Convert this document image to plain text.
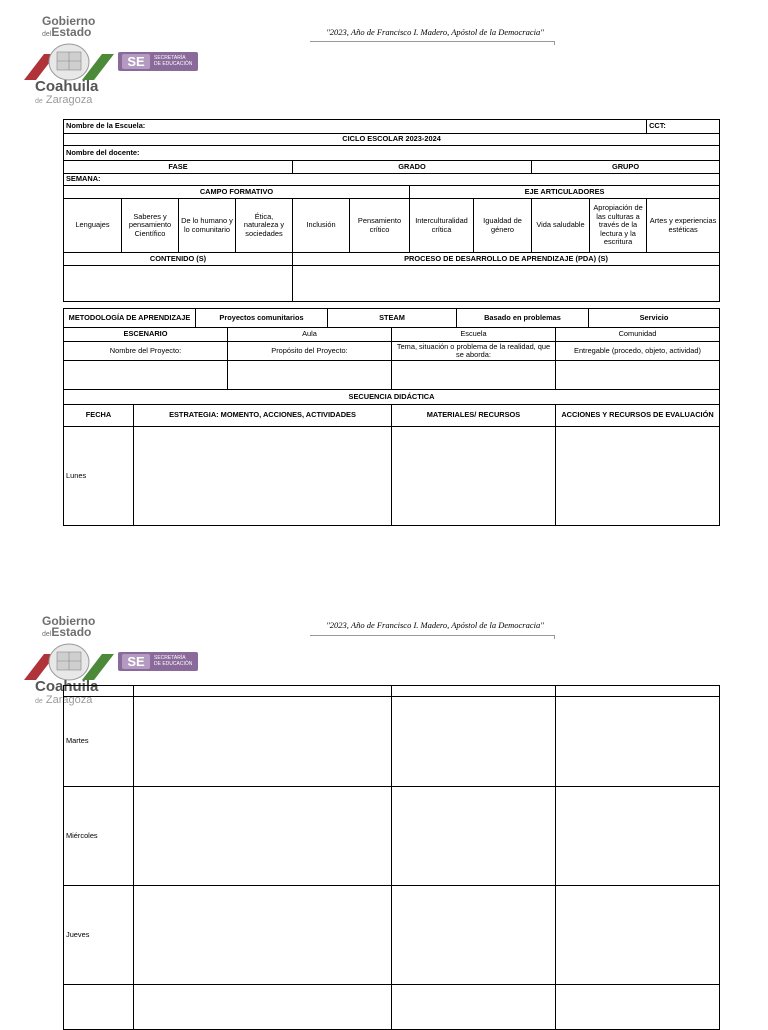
Gobierno
delEstado
SE	SECRETARÍA
DE EDUCACIÓN
Coahuila
de Zaragoza
"2023, Año de Francisco I. Madero, Apóstol de la Democracia"
Nombre de la Escuela:										CCT:
CICLO ESCOLAR 2023-2024										
Nombre del docente:										
FASE				GRADO				GRUPO		
SEMANA:										
CAMPO FORMATIVO						EJE ARTICULADORES				
Lenguajes	Saberes y pensamiento Científico	De lo humano y lo comunitario	Ética, naturaleza y sociedades	Inclusión	Pensamiento crítico	Interculturalidad crítica	Igualdad de género	Vida saludable	Apropiación de las culturas a través de la lectura y la escritura	Artes y experiencias estéticas
CONTENIDO (S)				PROCESO DE DESARROLLO DE APRENDIZAJE (PDA) (S)						

METODOLOGÍA DE APRENDIZAJE	Proyectos comunitarios	STEAM	Basado en problemas	Servicio
ESCENARIO	Aula	Escuela	Comunidad
Nombre del Proyecto:	Propósito del Proyecto:	Tema, situación o problema de la realidad, que se aborda:	Entregable (procedo, objeto, actividad)

SECUENCIA DIDÁCTICA			
FECHA	ESTRATEGIA: MOMENTO, ACCIONES, ACTIVIDADES	MATERIALES/ RECURSOS	ACCIONES Y RECURSOS DE EVALUACIÓN
Lunes			
Gobierno
delEstado
SE	SECRETARÍA
DE EDUCACIÓN
Coahuila
de Zaragoza
"2023, Año de Francisco I. Madero, Apóstol de la Democracia"

Martes			
Miércoles			
Jueves			
